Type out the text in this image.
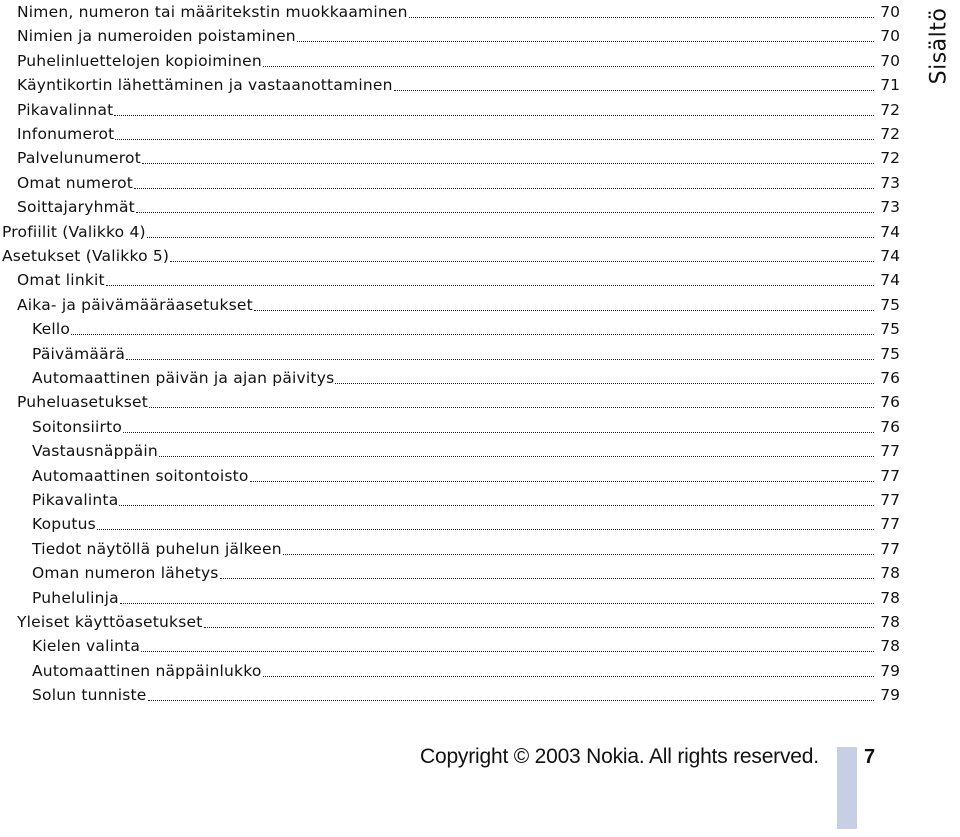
Nimen, numeron tai määritekstin muokkaaminen	70
Nimien ja numeroiden poistaminen	70
Puhelinluettelojen kopioiminen	70
Käyntikortin lähettäminen ja vastaanottaminen	71
Pikavalinnat	72
Infonumerot	72
Palvelunumerot	72
Omat numerot	73
Soittajaryhmät	73
Profiilit (Valikko 4)	74
Asetukset (Valikko 5)	74
Omat linkit	74
Aika- ja päivämääräasetukset	75
Kello	75
Päivämäärä	75
Automaattinen päivän ja ajan päivitys	76
Puheluasetukset	76
Soitonsiirto	76
Vastausnäppäin	77
Automaattinen soitontoisto	77
Pikavalinta	77
Koputus	77
Tiedot näytöllä puhelun jälkeen	77
Oman numeron lähetys	78
Puhelulinja	78
Yleiset käyttöasetukset	78
Kielen valinta	78
Automaattinen näppäinlukko	79
Solun tunniste	79
Sisältö
Copyright © 2003 Nokia. All rights reserved. 7
